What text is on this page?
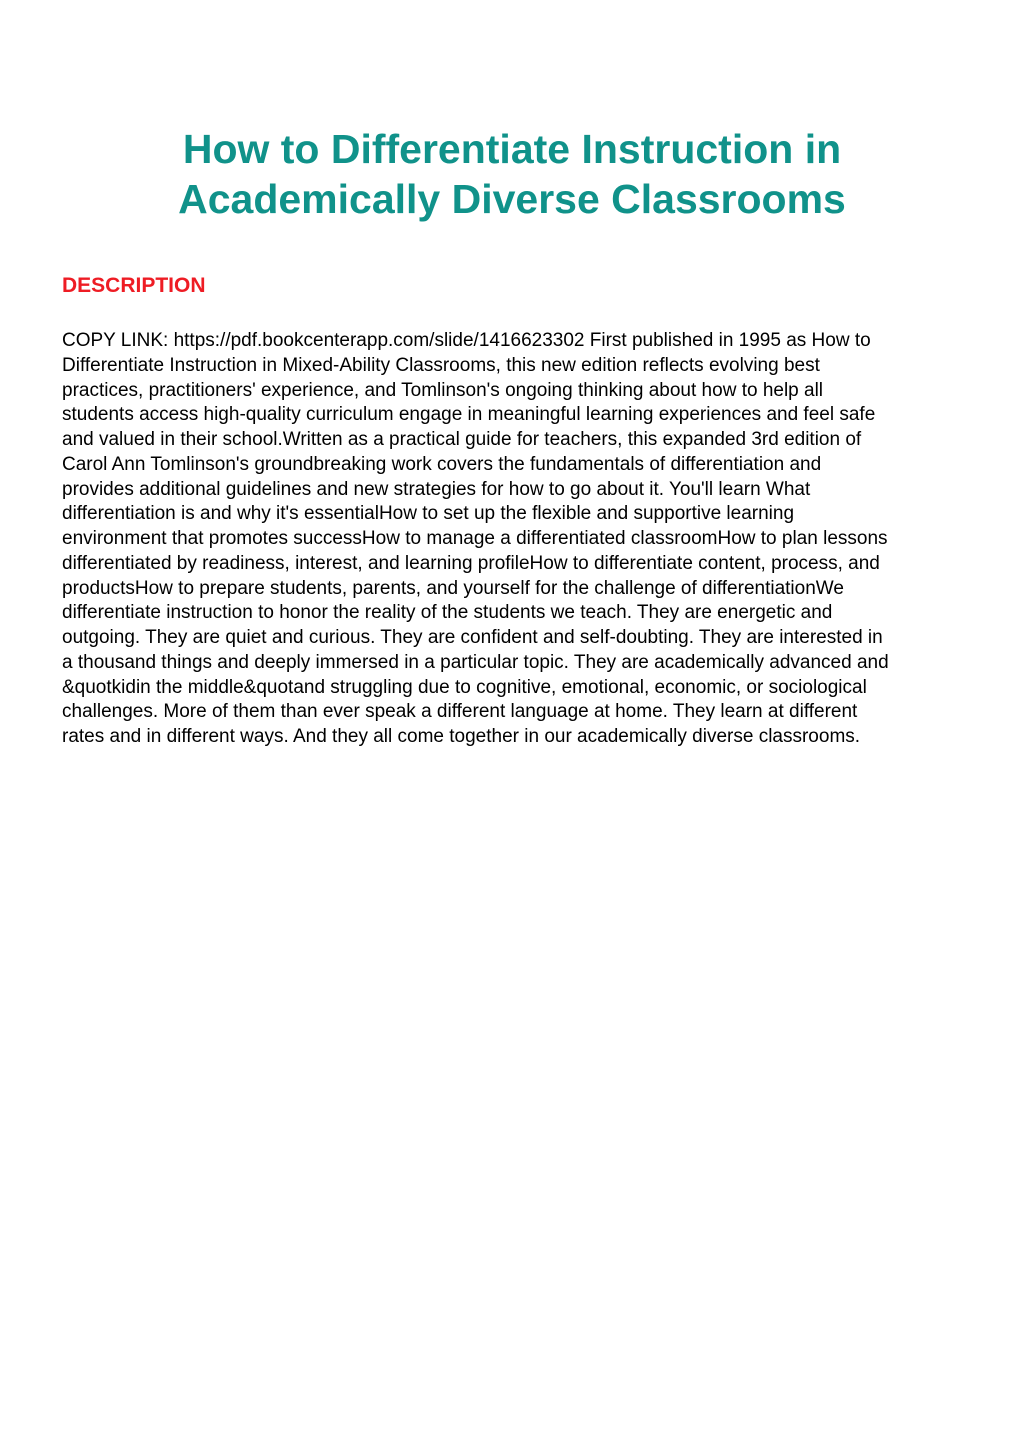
How to Differentiate Instruction in
Academically Diverse Classrooms
DESCRIPTION
COPY LINK: https://pdf.bookcenterapp.com/slide/1416623302 First published in 1995 as How to
Differentiate Instruction in Mixed-Ability Classrooms, this new edition reflects evolving best
practices, practitioners' experience, and Tomlinson's ongoing thinking about how to help all
students access high-quality curriculum engage in meaningful learning experiences and feel safe
and valued in their school.Written as a practical guide for teachers, this expanded 3rd edition of
Carol Ann Tomlinson's groundbreaking work covers the fundamentals of differentiation and
provides additional guidelines and new strategies for how to go about it. You'll learn What
differentiation is and why it's essentialHow to set up the flexible and supportive learning
environment that promotes successHow to manage a differentiated classroomHow to plan lessons
differentiated by readiness, interest, and learning profileHow to differentiate content, process, and
productsHow to prepare students, parents, and yourself for the challenge of differentiationWe
differentiate instruction to honor the reality of the students we teach. They are energetic and
outgoing. They are quiet and curious. They are confident and self-doubting. They are interested in
a thousand things and deeply immersed in a particular topic. They are academically advanced and
&quotkidin the middle&quotand struggling due to cognitive, emotional, economic, or sociological
challenges. More of them than ever speak a different language at home. They learn at different
rates and in different ways. And they all come together in our academically diverse classrooms.
